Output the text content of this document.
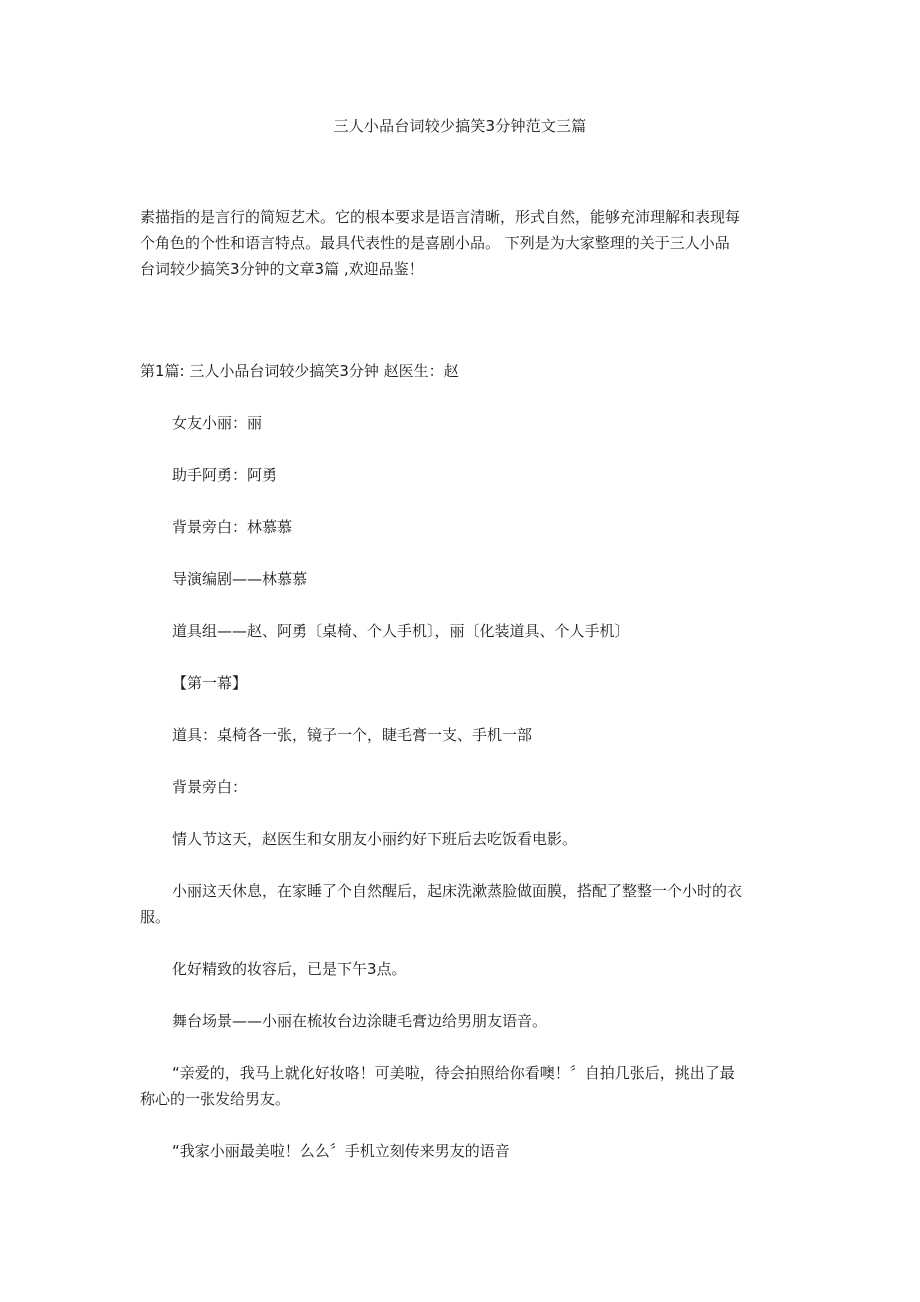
三人小品台词较少搞笑3分钟范文三篇
素描指的是言行的简短艺术。它的根本要求是语言清晰，形式自然，能够充沛理解和表现每
个角色的个性和语言特点。最具代表性的是喜剧小品。 下列是为大家整理的关于三人小品
台词较少搞笑3分钟的文章3篇 ,欢迎品鉴！
第1篇: 三人小品台词较少搞笑3分钟 赵医生：赵
女友小丽：丽
助手阿勇：阿勇
背景旁白：林慕慕
导演编剧——林慕慕
道具组——赵、阿勇〔桌椅、个人手机〕，丽〔化装道具、个人手机〕
【第一幕】
道具：桌椅各一张，镜子一个，睫毛膏一支、手机一部
背景旁白：
情人节这天，赵医生和女朋友小丽约好下班后去吃饭看电影。
小丽这天休息，在家睡了个自然醒后，起床洗漱蒸脸做面膜，搭配了整整一个小时的衣
服。
化好精致的妆容后，已是下午3点。
舞台场景——小丽在梳妆台边涂睫毛膏边给男朋友语音。
“亲爱的，我马上就化好妆咯！可美啦，待会拍照给你看噢！〞自拍几张后，挑出了最
称心的一张发给男友。
“我家小丽最美啦！么么〞手机立刻传来男友的语音
